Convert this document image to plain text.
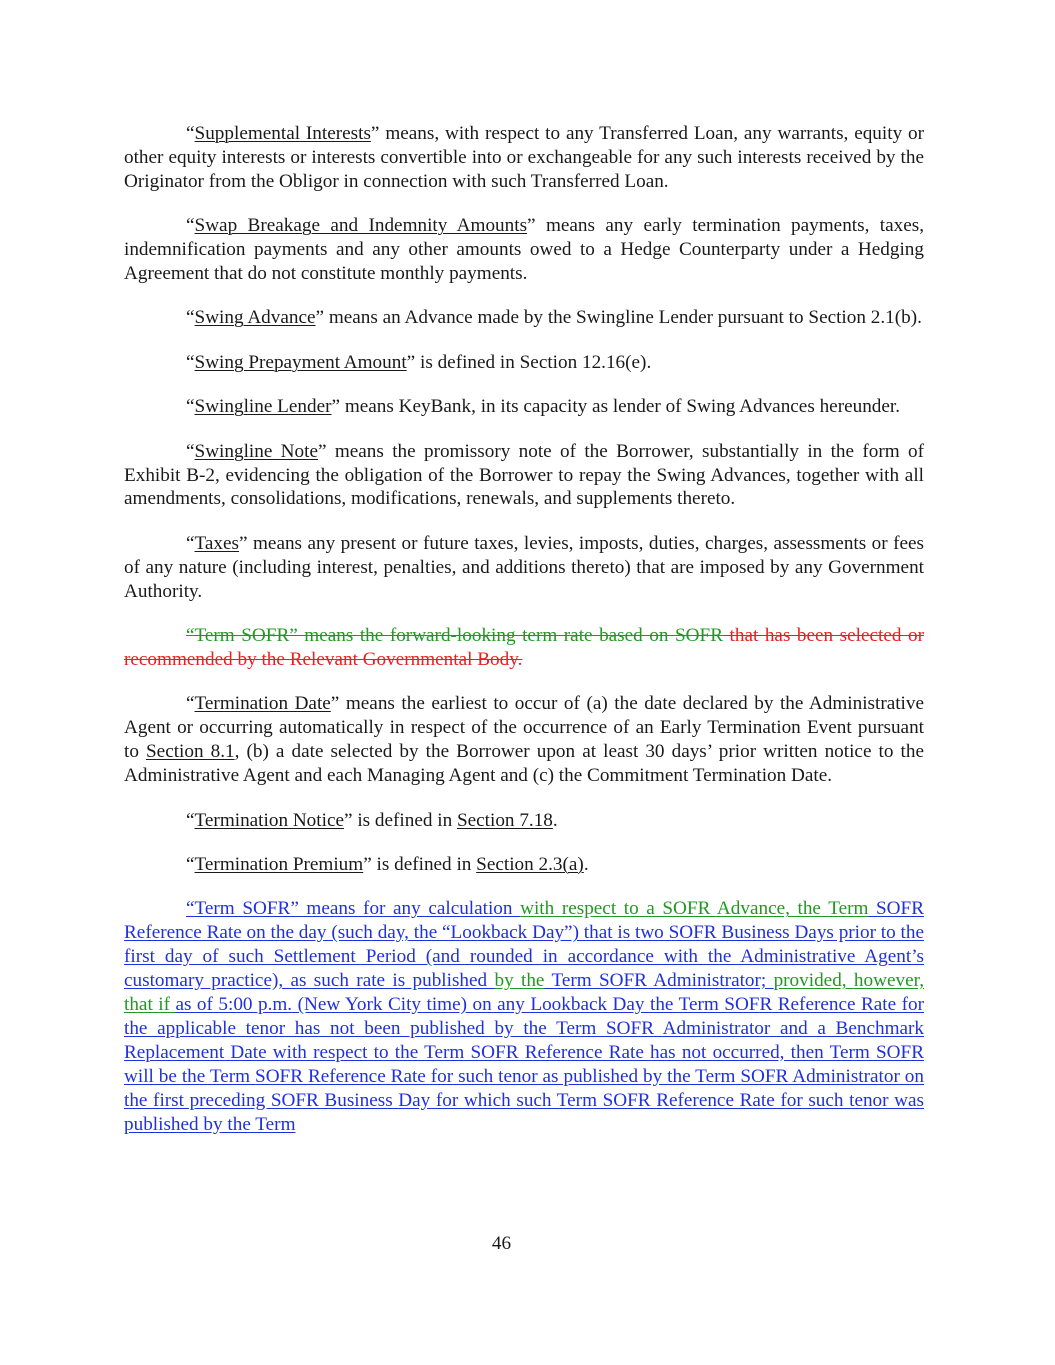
“Supplemental Interests” means, with respect to any Transferred Loan, any warrants, equity or other equity interests or interests convertible into or exchangeable for any such interests received by the Originator from the Obligor in connection with such Transferred Loan.

“Swap Breakage and Indemnity Amounts” means any early termination payments, taxes, indemnification payments and any other amounts owed to a Hedge Counterparty under a Hedging Agreement that do not constitute monthly payments.

“Swing Advance” means an Advance made by the Swingline Lender pursuant to Section 2.1(b).

“Swing Prepayment Amount” is defined in Section 12.16(e).

“Swingline Lender” means KeyBank, in its capacity as lender of Swing Advances hereunder.

“Swingline Note” means the promissory note of the Borrower, substantially in the form of Exhibit B-2, evidencing the obligation of the Borrower to repay the Swing Advances, together with all amendments, consolidations, modifications, renewals, and supplements thereto.

“Taxes” means any present or future taxes, levies, imposts, duties, charges, assessments or fees of any nature (including interest, penalties, and additions thereto) that are imposed by any Government Authority.

“Term SOFR” means the forward-looking term rate based on SOFR that has been selected or recommended by the Relevant Governmental Body.

“Termination Date” means the earliest to occur of (a) the date declared by the Administrative Agent or occurring automatically in respect of the occurrence of an Early Termination Event pursuant to Section 8.1, (b) a date selected by the Borrower upon at least 30 days’ prior written notice to the Administrative Agent and each Managing Agent and (c) the Commitment Termination Date.

“Termination Notice” is defined in Section 7.18.

“Termination Premium” is defined in Section 2.3(a).

“Term SOFR” means for any calculation with respect to a SOFR Advance, the Term SOFR Reference Rate on the day (such day, the “Lookback Day”) that is two SOFR Business Days prior to the first day of such Settlement Period (and rounded in accordance with the Administrative Agent’s customary practice), as such rate is published by the Term SOFR Administrator; provided, however, that if as of 5:00 p.m. (New York City time) on any Lookback Day the Term SOFR Reference Rate for the applicable tenor has not been published by the Term SOFR Administrator and a Benchmark Replacement Date with respect to the Term SOFR Reference Rate has not occurred, then Term SOFR will be the Term SOFR Reference Rate for such tenor as published by the Term SOFR Administrator on the first preceding SOFR Business Day for which such Term SOFR Reference Rate for such tenor was published by the Term

46
